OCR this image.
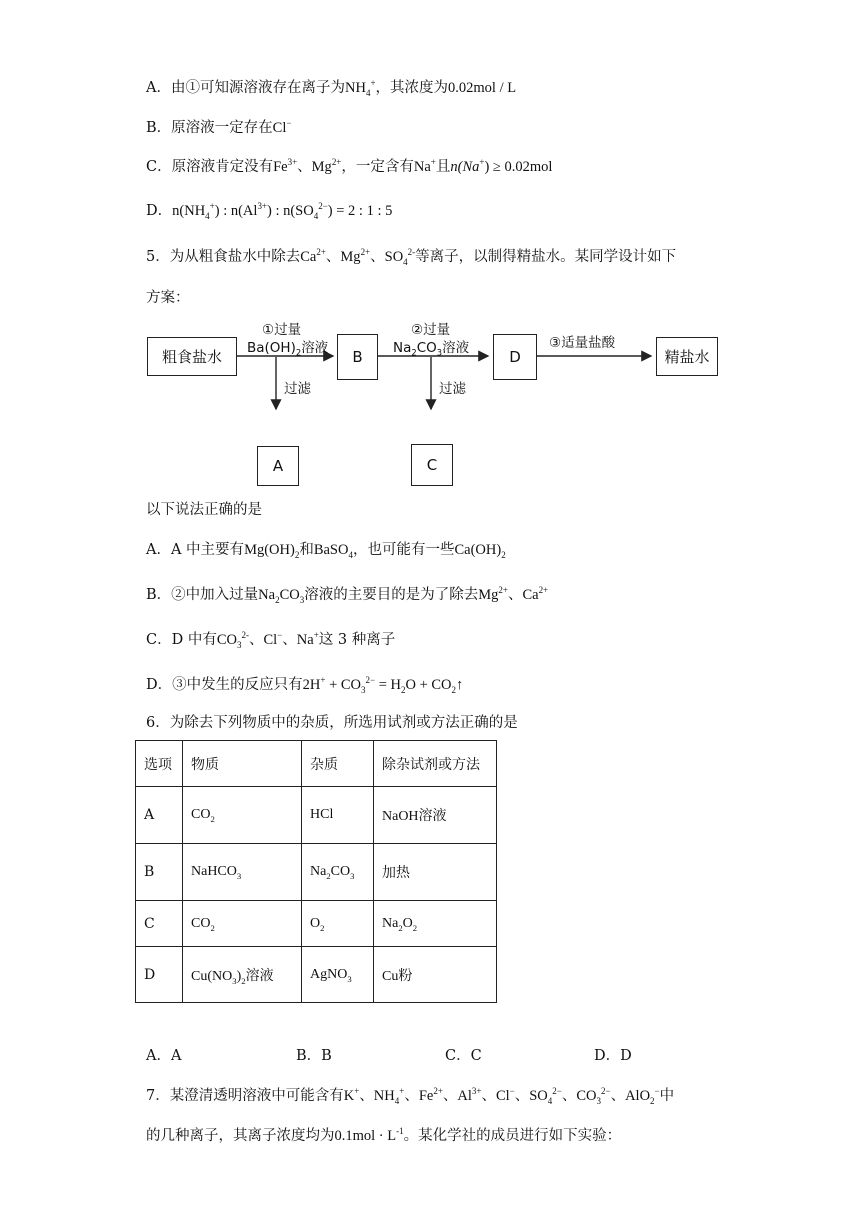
A．由①可知源溶液存在离子为$NH_4^+$，其浓度为0.02mol / L
B．原溶液一定存在Cl−
C．原溶液肯定没有$Fe^{3+}$、$Mg^{2+}$，一定含有Na+且n(Na+) ≥ 0.02mol
D．$n(NH_4^+)$ : $n(Al^{3+})$ : $n(SO_4^{2-}) = 2$ : 1 : 5
5．为从粗食盐水中除去$Ca^{2+}$、$Mg^{2+}$、$SO_4^{2-}$等离子，以制得精盐水。某同学设计如下
方案：
粗食盐水	B	D	精盐水
A	C
①过量
$Ba(OH)_2$溶液
②过量
$Na_2CO_3$溶液	③适量盐酸
过滤	过滤
以下说法正确的是
A．A 中主要有$Mg(OH)_2$和BaSO$_4$，也可能有一些$Ca(OH)_2$
B．②中加入过量$Na_2CO_3$溶液的主要目的是为了除去$Mg^{2+}$、$Ca^{2+}$
C．D 中有$CO_3^{2-}$、Cl−、Na+这 3 种离子
D．③中发生的反应只有$2H^+ + CO_3^{2-} = H_2O$ + $CO_2↑$
6．为除去下列物质中的杂质，所选用试剂或方法正确的是
选项	物质	杂质	除杂试剂或方法
A	$CO_2$	HCl	NaOH溶液
B	NaHCO$_3$	$Na_2CO_3$	加热
C	$CO_2$	$O_2$	$Na_2O_2$
D	$Cu(NO_3)_2$溶液	AgNO$_3$	Cu粉
A．A	B．B	C．C	D．D
7．某澄清透明溶液中可能含有K+、$NH_4^+$、$Fe^{2+}$、$Al^{3+}$、Cl−、$SO_4^{2-}$、$CO_3^{2-}$、AlO$_2$−中
的几种离子，其离子浓度均为$0.1mol \cdot L^{-1}$。某化学社的成员进行如下实验：
